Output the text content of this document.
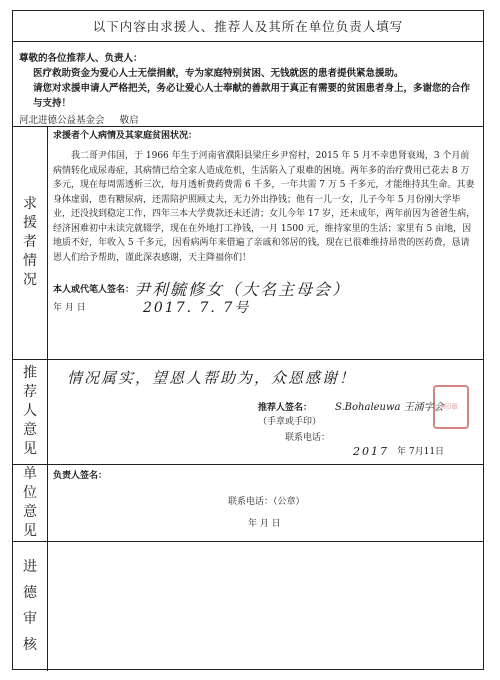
以下内容由求援人、推荐人及其所在单位负责人填写

尊敬的各位推荐人、负责人：

医疗救助资金为爱心人士无偿捐献，专为家庭特别贫困、无钱就医的患者提供紧急援助。

请您对求援申请人严格把关，务必让爱心人士奉献的善款用于真正有需要的贫困患者身上，多谢您的合作与支持！

河北进德公益基金会 敬启

求
援
者
情
况
求援者个人病情及其家庭贫困状况：
我二哥尹伟国，于 1966 年生于河南省濮阳县梁庄乡尹窑村，2015 年 5 月不幸患肾衰竭，3 个月前病情转化成尿毒症，其病情已给全家人造成危机，生活陷入了艰难的困境。两年多的治疗费用已花去 8 万多元，现在每周需透析三次，每月透析费药费需 6 千多，一年共需 7 万 5 千多元，才能维持其生命。其妻身体虚弱，患有糖尿病，还需陪护照顾丈夫，无力外出挣钱；他有一儿一女，儿子今年 5 月份刚大学毕业，还没找到稳定工作，四年三本大学费款还未还清；女儿今年 17 岁，还未成年，两年前因为爸爸生病，经济困难初中未读完就辍学，现在在外地打工挣钱，一月 1500 元，维持家里的生活；家里有 5 亩地，因地质不好，年收入 5 千多元，因看病两年来借遍了亲戚和邻居的钱，现在已很难维持昂贵的医药费，恳请恩人们给予帮助，谨此深表感谢，天主降福你们！
本人或代笔人签名： 尹利毓修女（大名主母会）
年 月 日	2017. 7. 7号
推
荐
人
意
见
情况属实，望恩人帮助为，众恩感谢！
推荐人签名：
（手章或手印）
S.Bohaleuwa 王涌字会
联系电话：
2017 年 7月11日
印章
单
位
意
见
负责人签名：
联系电话：（公章）
年 月 日
进
德
审
核
